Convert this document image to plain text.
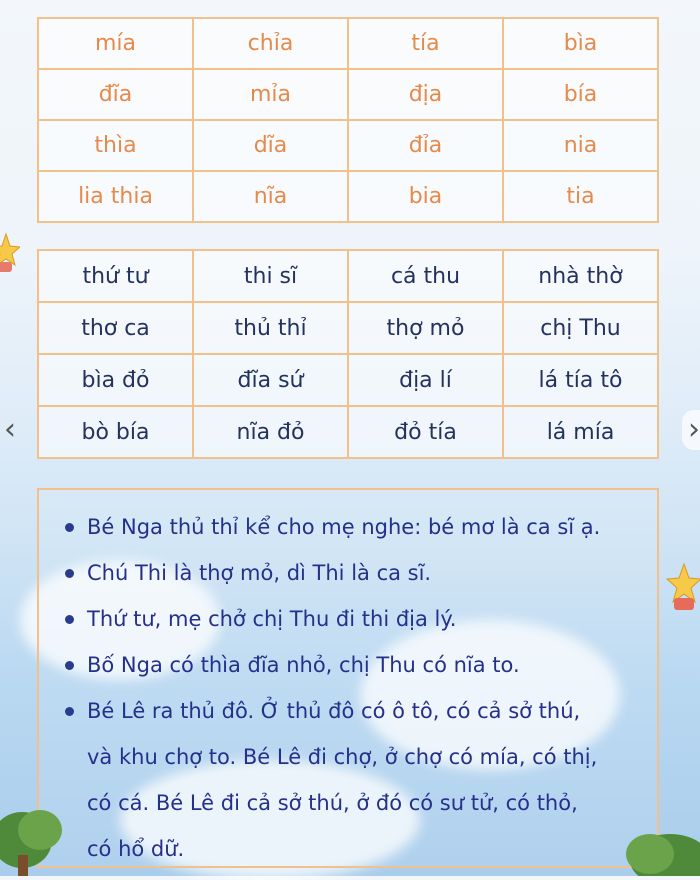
mía	chỉa	tía	bìa
đĩa	mỉa	địa	bía
thìa	dĩa	đỉa	nia
lia thia	nĩa	bia	tia
thứ tư	thi sĩ	cá thu	nhà thờ
thơ ca	thủ thỉ	thợ mỏ	chị Thu
bìa đỏ	đĩa sứ	địa lí	lá tía tô
bò bía	nĩa đỏ	đỏ tía	lá mía
Bé Nga thủ thỉ kể cho mẹ nghe: bé mơ là ca sĩ ạ.
Chú Thi là thợ mỏ, dì Thi là ca sĩ.
Thứ tư, mẹ chở chị Thu đi thi địa lý.
Bố Nga có thìa đĩa nhỏ, chị Thu có nĩa to.
Bé Lê ra thủ đô. Ở thủ đô có ô tô, có cả sở thú,
và khu chợ to. Bé Lê đi chợ, ở chợ có mía, có thị,
có cá. Bé Lê đi cả sở thú, ở đó có sư tử, có thỏ,
có hổ dữ.
‹	›
